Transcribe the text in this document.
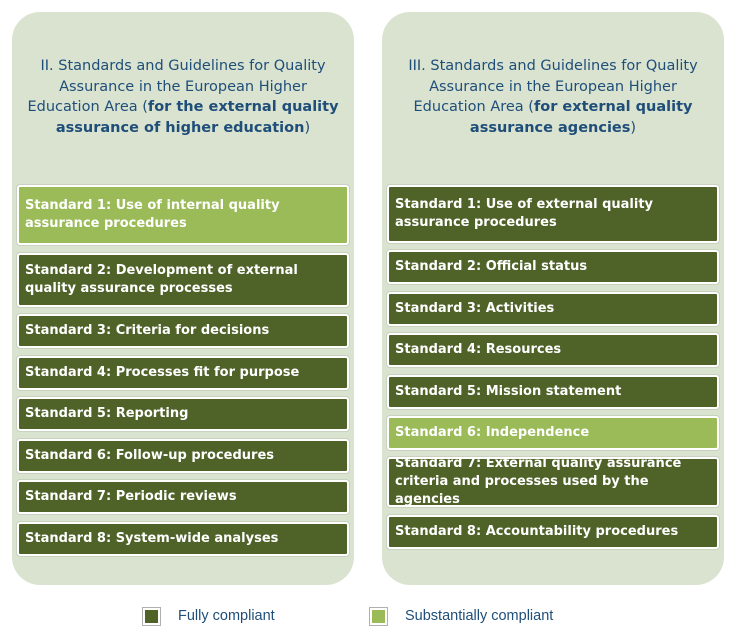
II. Standards and Guidelines for Quality
Assurance in the European Higher
Education Area (for the external quality
assurance of higher education)
Standard 1: Use of internal quality assurance procedures
Standard 2: Development of external quality assurance processes
Standard 3: Criteria for decisions
Standard 4: Processes fit for purpose
Standard 5: Reporting
Standard 6: Follow-up procedures
Standard 7: Periodic reviews
Standard 8: System-wide analyses
III. Standards and Guidelines for Quality
Assurance in the European Higher
Education Area (for external quality
assurance agencies)
Standard 1: Use of external quality assurance procedures
Standard 2: Official status
Standard 3: Activities
Standard 4: Resources
Standard 5: Mission statement
Standard 6: Independence
Standard 7: External quality assurance criteria and processes used by the agencies
Standard 8: Accountability procedures
Fully compliant	Substantially compliant
